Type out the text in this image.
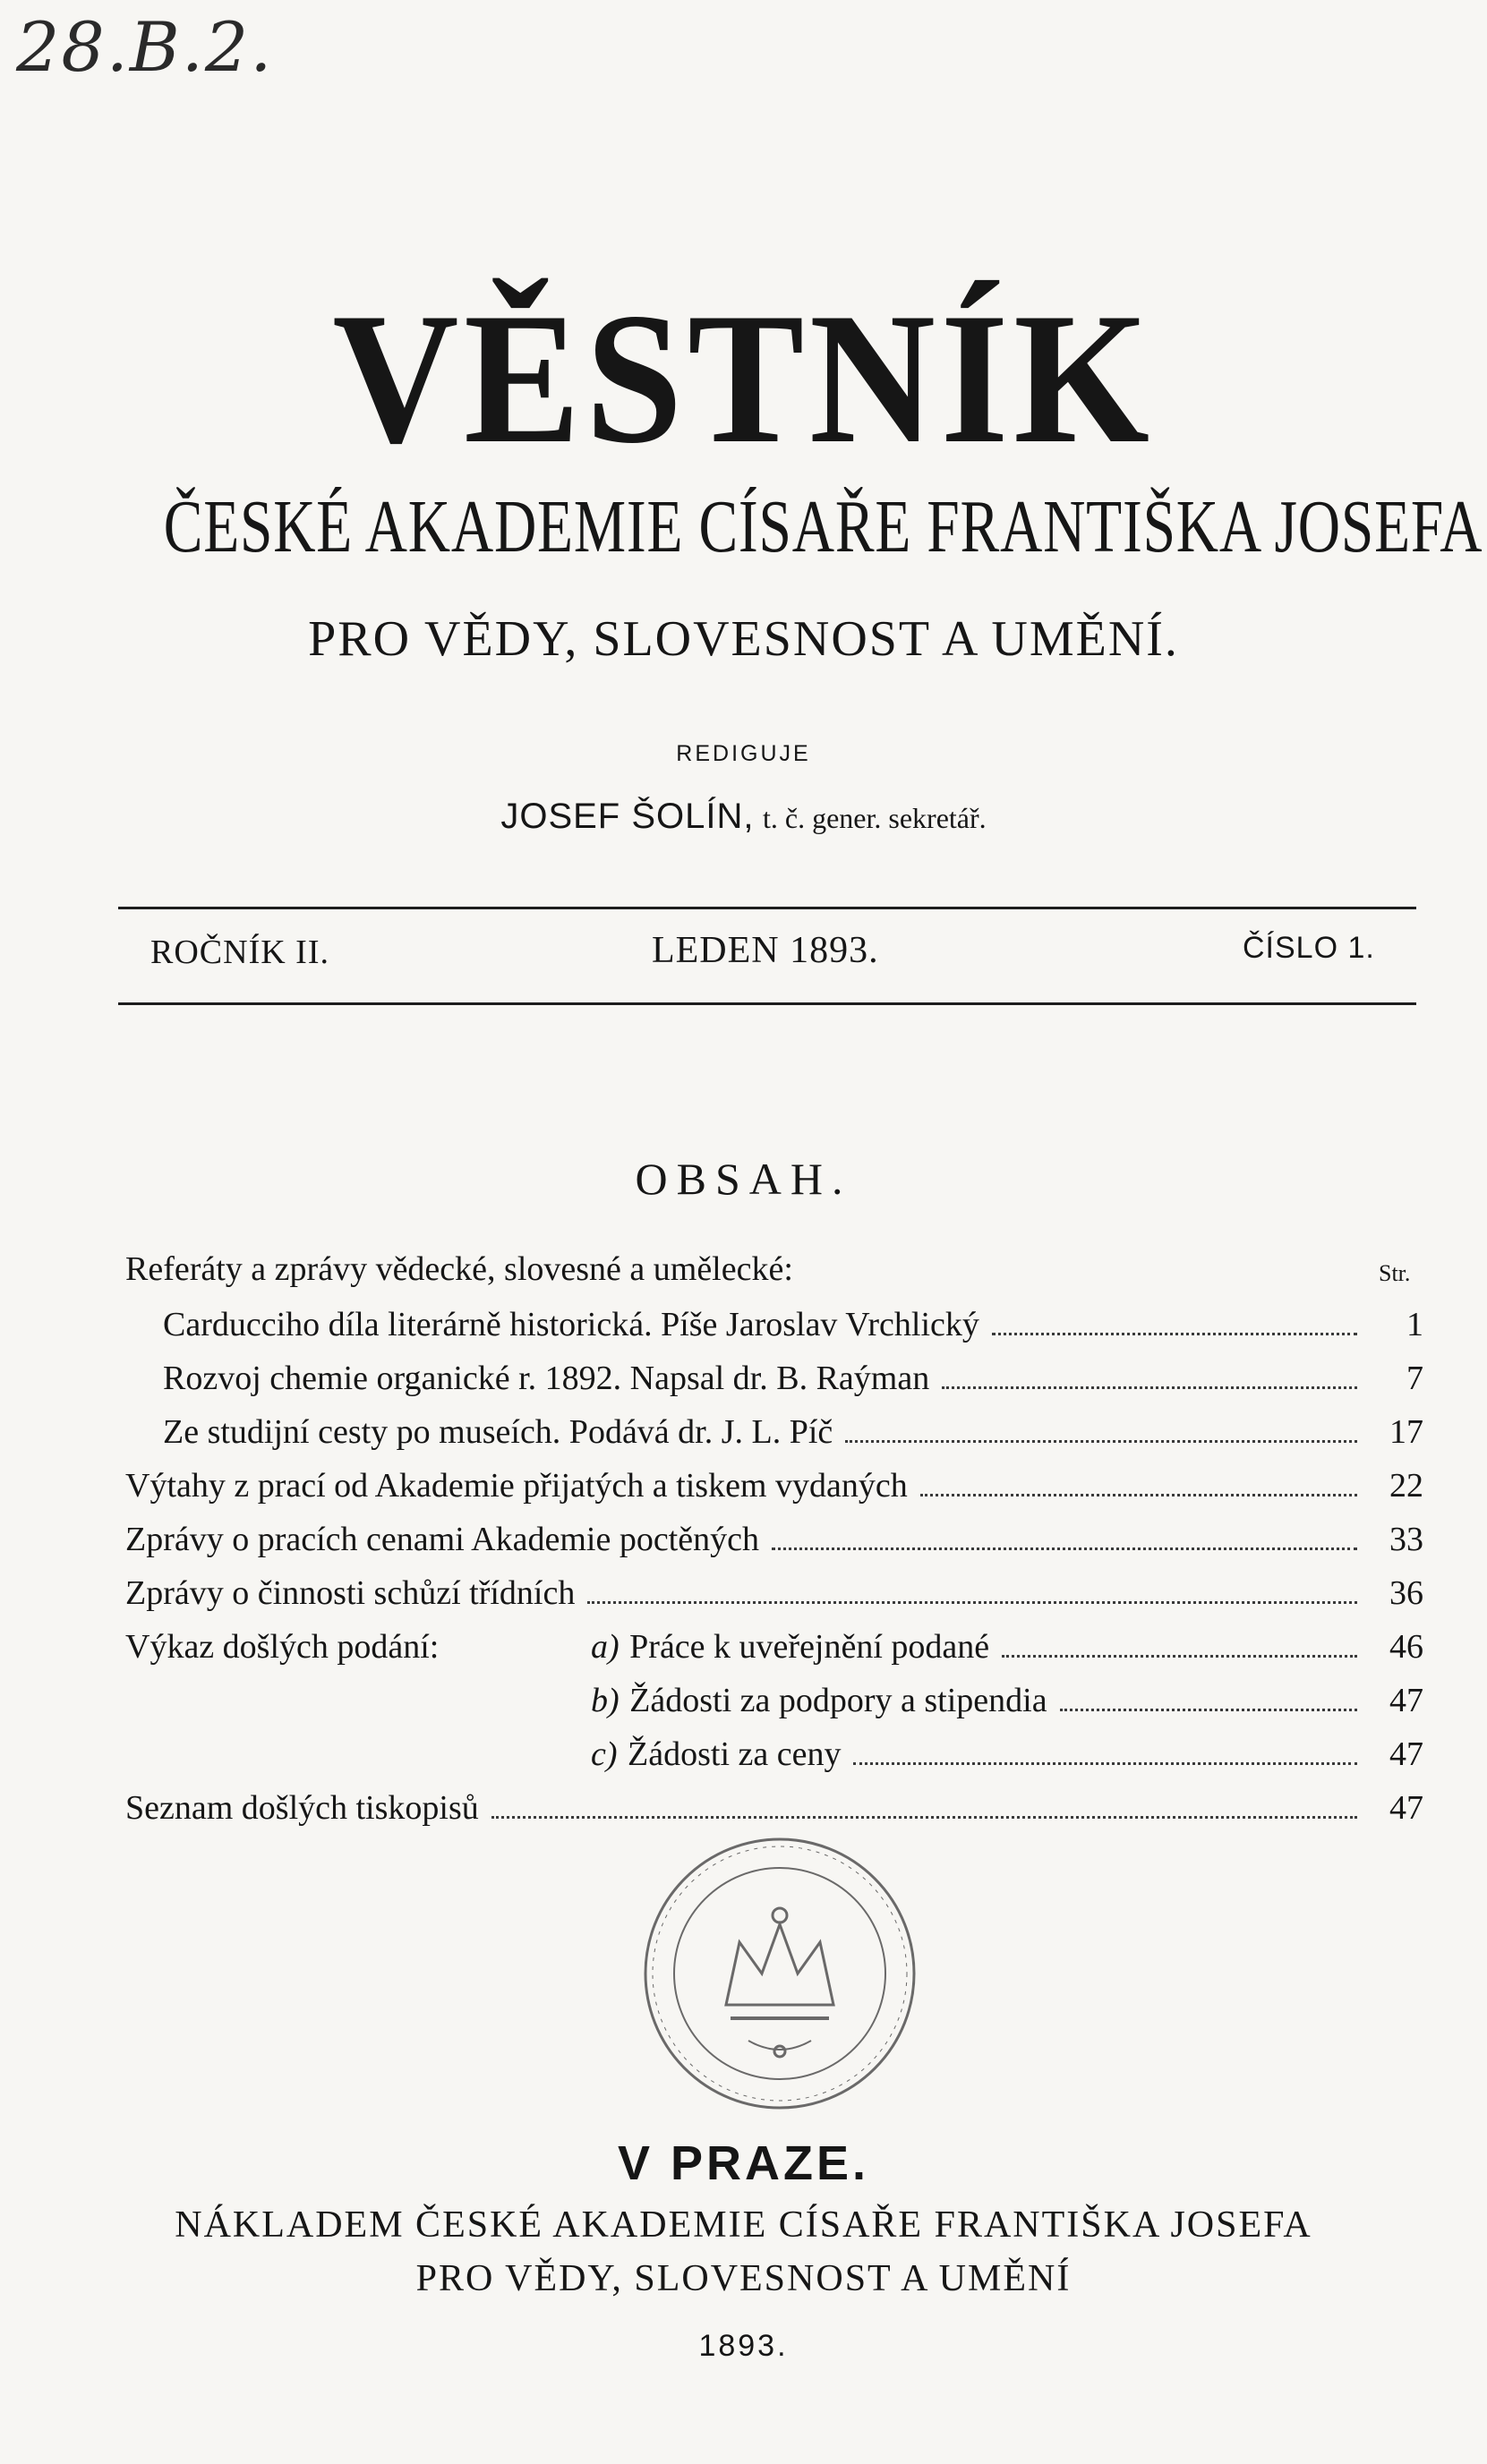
28.B.2.
VĚSTNÍK
ČESKÉ AKADEMIE CÍSAŘE FRANTIŠKA JOSEFA
PRO VĚDY, SLOVESNOST A UMĚNÍ.
REDIGUJE
JOSEF ŠOLÍN, t. č. gener. sekretář.
ROČNÍK II.	LEDEN 1893.	ČÍSLO 1.
OBSAH.
Str.
Referáty a zprávy vědecké, slovesné a umělecké:
Carducciho díla literárně historická. Píše Jaroslav Vrchlický	1
Rozvoj chemie organické r. 1892. Napsal dr. B. Raýman	7
Ze studijní cesty po museích. Podává dr. J. L. Píč	17
Výtahy z prací od Akademie přijatých a tiskem vydaných	22
Zprávy o pracích cenami Akademie poctěných	33
Zprávy o činnosti schůzí třídních	36
Výkaz došlých podání:	a) Práce k uveřejnění podané	46
b) Žádosti za podpory a stipendia	47
c) Žádosti za ceny	47
Seznam došlých tiskopisů	47
V PRAZE.
NÁKLADEM ČESKÉ AKADEMIE CÍSAŘE FRANTIŠKA JOSEFA
PRO VĚDY, SLOVESNOST A UMĚNÍ
1893.
